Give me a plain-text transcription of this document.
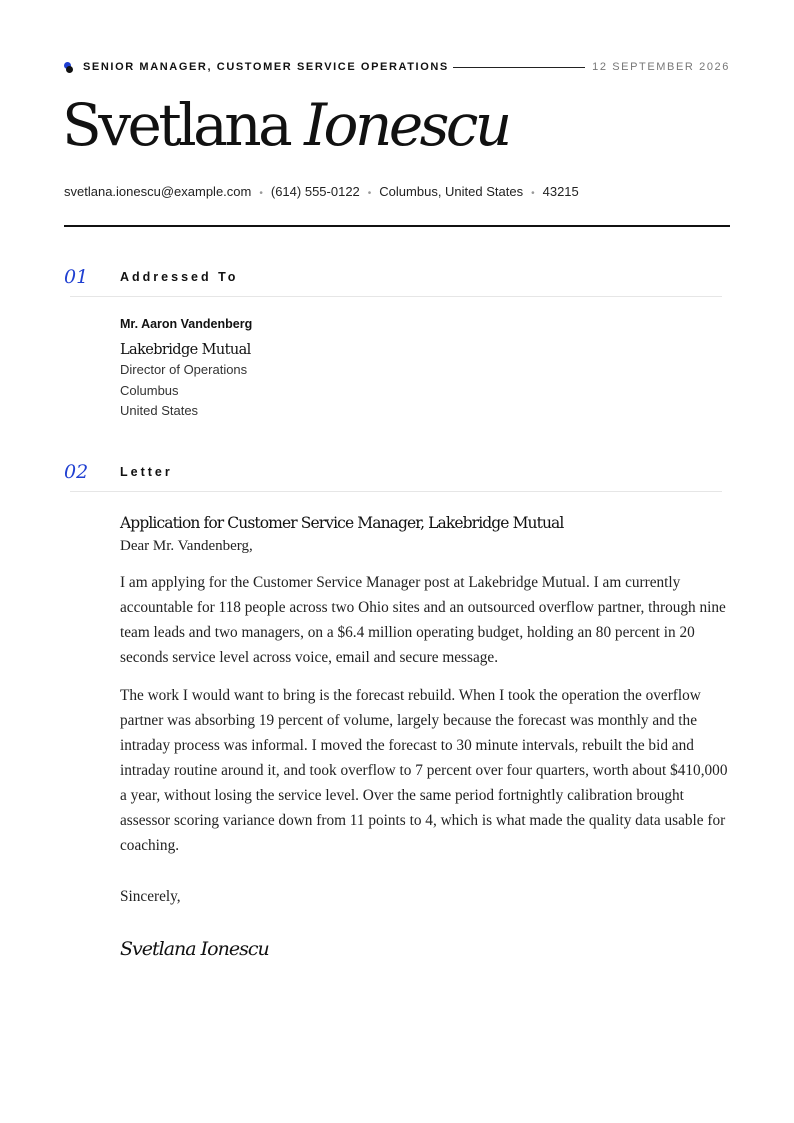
SENIOR MANAGER, CUSTOMER SERVICE OPERATIONS	12 SEPTEMBER 2026
Svetlana Ionescu
svetlana.ionescu@example.com • (614) 555-0122 • Columbus, United States • 43215
01	Addressed To
Mr. Aaron Vandenberg
Lakebridge Mutual
Director of Operations
Columbus
United States
02	Letter
Application for Customer Service Manager, Lakebridge Mutual
Dear Mr. Vandenberg,

I am applying for the Customer Service Manager post at Lakebridge Mutual. I am currently accountable for 118 people across two Ohio sites and an outsourced overflow partner, through nine team leads and two managers, on a $6.4 million operating budget, holding an 80 percent in 20 seconds service level across voice, email and secure message.

The work I would want to bring is the forecast rebuild. When I took the operation the overflow partner was absorbing 19 percent of volume, largely because the forecast was monthly and the intraday process was informal. I moved the forecast to 30 minute intervals, rebuilt the bid and intraday routine around it, and took overflow to 7 percent over four quarters, worth about $410,000 a year, without losing the service level. Over the same period fortnightly calibration brought assessor scoring variance down from 11 points to 4, which is what made the quality data usable for coaching.

Sincerely,
Svetlana Ionescu
